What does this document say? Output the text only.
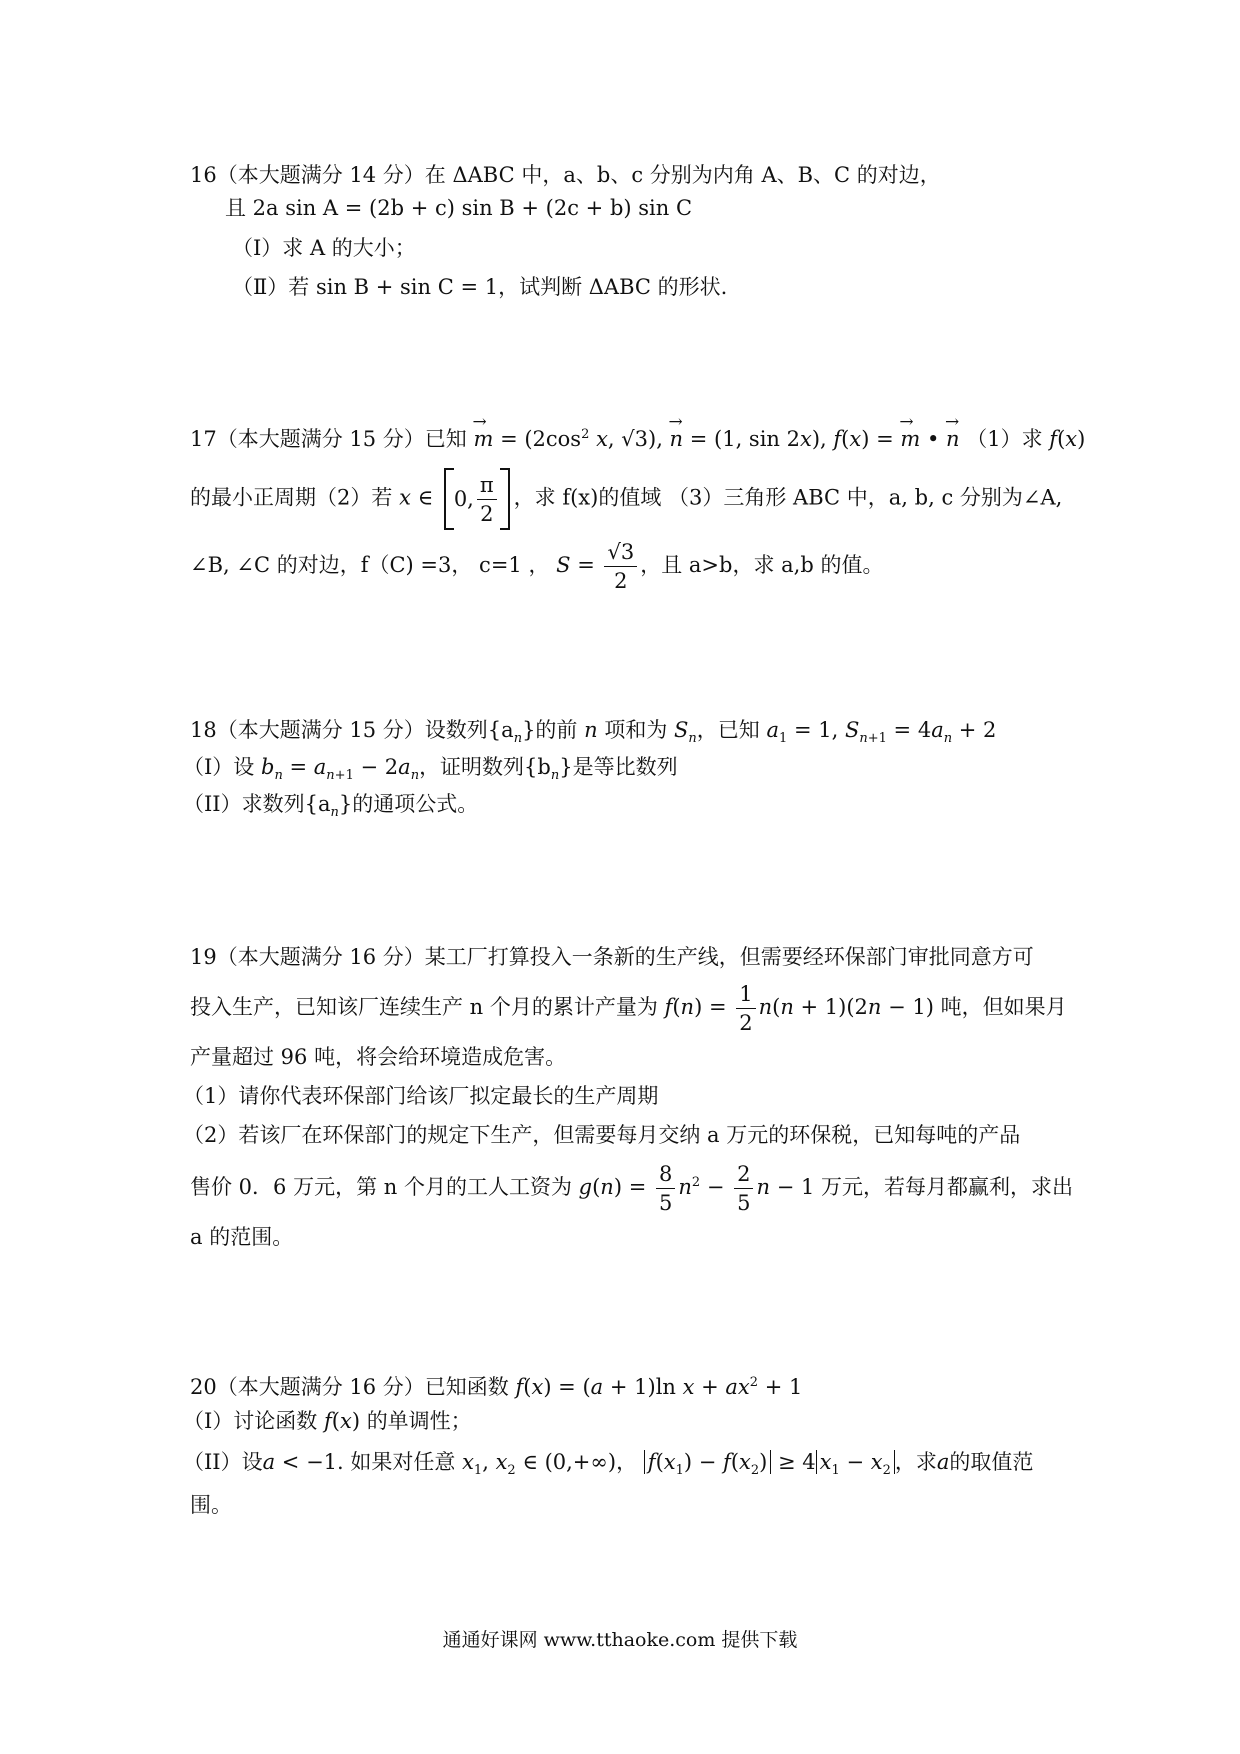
16（本大题满分 14 分）在 ΔABC 中，a、b、c 分别为内角 A、B、C 的对边，
且 2a sin A = (2b + c) sin B + (2c + b) sin C
（Ⅰ）求 A 的大小；
（Ⅱ）若 sin B + sin C = 1，试判断 ΔABC 的形状.
17（本大题满分 15 分）已知 → $m = (2\cos^2$ x, √3), → n = (1, sin 2x), f(x) = → m • → n （1）求 f(x)
的最小正周期（2）若 x ∈ 0, $\frac{\pi}{2}$ ，求 f(x)的值域 （3）三角形 ABC 中，a, b, c 分别为∠A,
∠B, ∠C 的对边，f（C) =3， c=1 ， $S = \frac{√3}{2}$ ，且 a>b，求 a,b 的值。
18（本大题满分 15 分）设数列$\{a_n\}$的前 n 项和为 $S_n$，已知 $a_1 = 1$, $S_{n+1} = 4a_n + 2$
（I）设 $b_n = a_{n+1} - 2a_n$，证明数列$\{b_n\}$是等比数列
（II）求数列$\{a_n\}$的通项公式。
19（本大题满分 16 分）某工厂打算投入一条新的生产线，但需要经环保部门审批同意方可
投入生产，已知该厂连续生产 n 个月的累计产量为 $f(n) = \frac{1}{2} n(n + 1)(2n - 1)$ 吨，但如果月
产量超过 96 吨，将会给环境造成危害。
（1）请你代表环保部门给该厂拟定最长的生产周期
（2）若该厂在环保部门的规定下生产，但需要每月交纳 a 万元的环保税，已知每吨的产品
售价 0．6 万元，第 n 个月的工人工资为 $g(n) = \frac{8}{5} n^2 - \frac{2}{5}$ n − 1 万元，若每月都赢利，求出
a 的范围。
20（本大题满分 16 分）已知函数 f(x) = (a + 1)ln $x + ax^2 + 1$
（I）讨论函数 f(x) 的单调性；
（II）设a < −1. 如果对任意 $x_1$, $x_2$ ∈ (0,+∞)， $f(x_1) - f(x_2) \ge 4$ $x_1 - x_2$ ，求a的取值范
围。
通通好课网 www.tthaoke.com 提供下载
